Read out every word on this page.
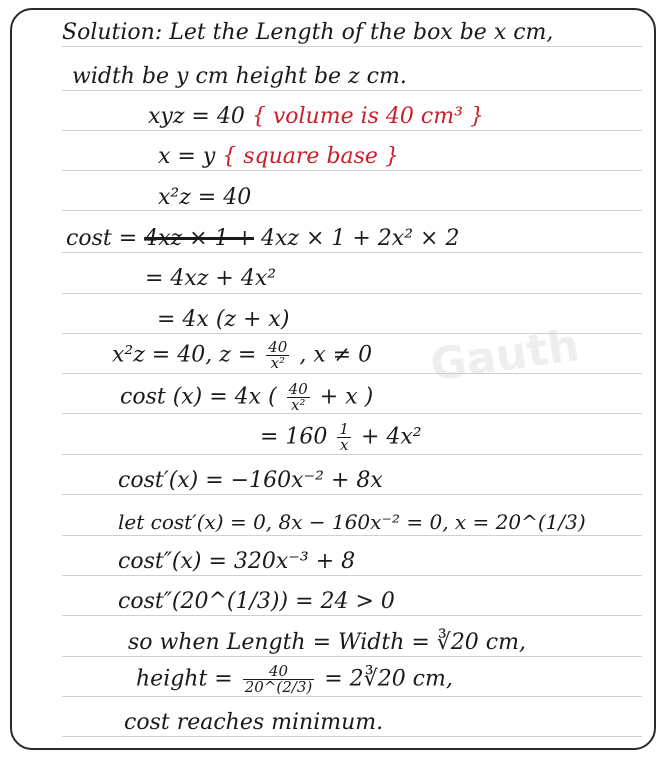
Gauth
Solution: Let the Length of the box be x cm,
width be y cm height be z cm.
xyz = 40 { volume is 40 cm³ }
x = y { square base }
x²z = 40
cost = 4xz × 1 + 4xz × 1 + 2x² × 2
= 4xz + 4x²
= 4x (z + x)
x²z = 40, $z = \frac{40}{\text{x²}}$ , x ≠ 0
cost (x) = 4x ( $\frac{40}{\text{x²}} + x$ )
= $160 \frac{1}{x} + 4x^2$
cost′(x) = −160x⁻² + 8x
let cost′(x) = 0, 8x − 160x⁻² = 0, x = 20^(1/3)
cost″(x) = 320x⁻³ + 8
cost″(20^(1/3)) = 24 > 0
so when Length = Width = ∛20 cm,
height = $\frac{40}{20\^{}(2/3)}$ = 2∛20 cm,
cost reaches minimum.
